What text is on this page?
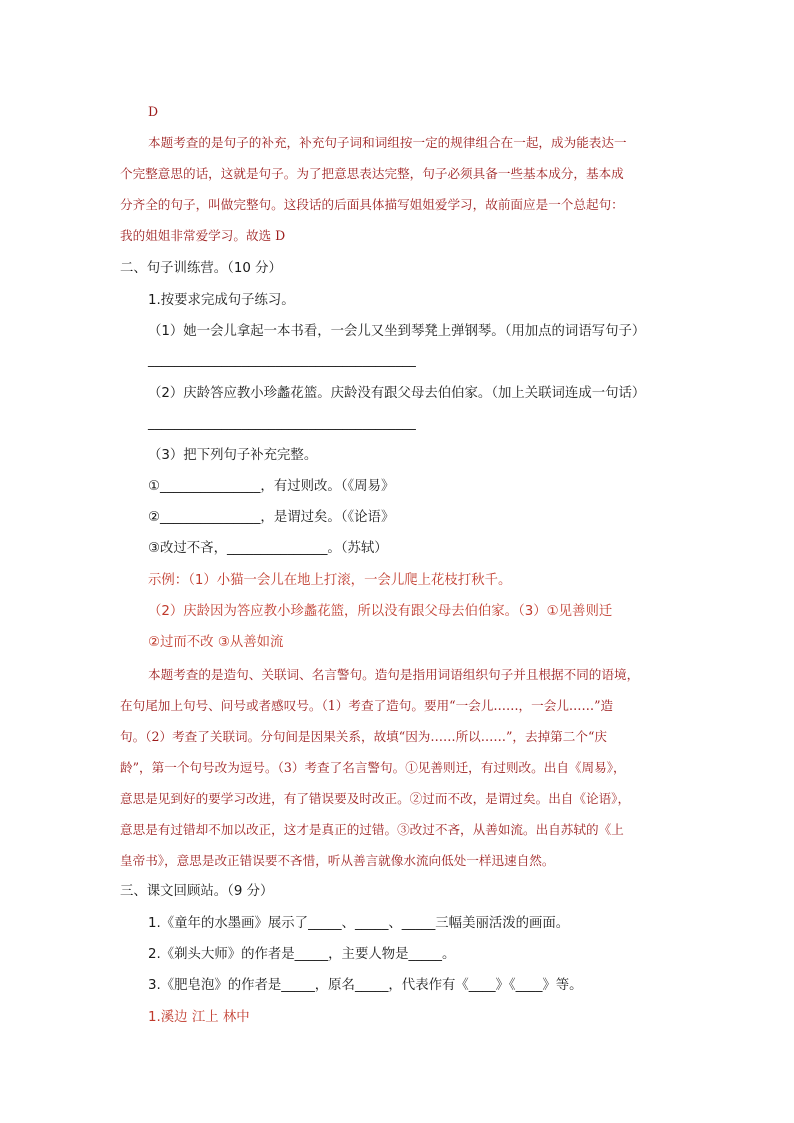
D
本题考查的是句子的补充，补充句子词和词组按一定的规律组合在一起，成为能表达一
个完整意思的话，这就是句子。为了把意思表达完整，句子必须具备一些基本成分，基本成
分齐全的句子，叫做完整句。这段话的后面具体描写姐姐爱学习，故前面应是一个总起句：
我的姐姐非常爱学习。故选 D
二、句子训练营。（10 分）
1.按要求完成句子练习。
（1）她一会儿拿起一本书看，一会儿又坐到琴凳上弹钢琴。（用加点的词语写句子）
________________________________________
（2）庆龄答应教小珍蠡花篮。庆龄没有跟父母去伯伯家。（加上关联词连成一句话）
________________________________________
（3）把下列句子补充完整。
①_______________，有过则改。（《周易》
②_______________，是谓过矣。（《论语》
③改过不吝，_______________。（苏轼）
示例：（1）小猫一会儿在地上打滚，一会儿爬上花枝打秋千。
（2）庆龄因为答应教小珍蠡花篮，所以没有跟父母去伯伯家。（3）①见善则迁
②过而不改 ③从善如流
本题考查的是造句、关联词、名言警句。造句是指用词语组织句子并且根据不同的语境，
在句尾加上句号、问号或者感叹号。（1）考查了造句。要用“一会儿……，一会儿……”造
句。（2）考查了关联词。分句间是因果关系，故填“因为……所以……”，去掉第二个“庆
龄”，第一个句号改为逗号。（3）考查了名言警句。①见善则迁，有过则改。出自《周易》，
意思是见到好的要学习改进，有了错误要及时改正。②过而不改，是谓过矣。出自《论语》，
意思是有过错却不加以改正，这才是真正的过错。③改过不吝，从善如流。出自苏轼的《上
皇帝书》，意思是改正错误要不吝惜，听从善言就像水流向低处一样迅速自然。
三、课文回顾站。（9 分）
1.《童年的水墨画》展示了_____、_____、_____三幅美丽活泼的画面。
2.《剃头大师》的作者是_____，主要人物是_____。
3.《肥皂泡》的作者是_____，原名_____，代表作有《____》《____》等。
1.溪边 江上 林中
